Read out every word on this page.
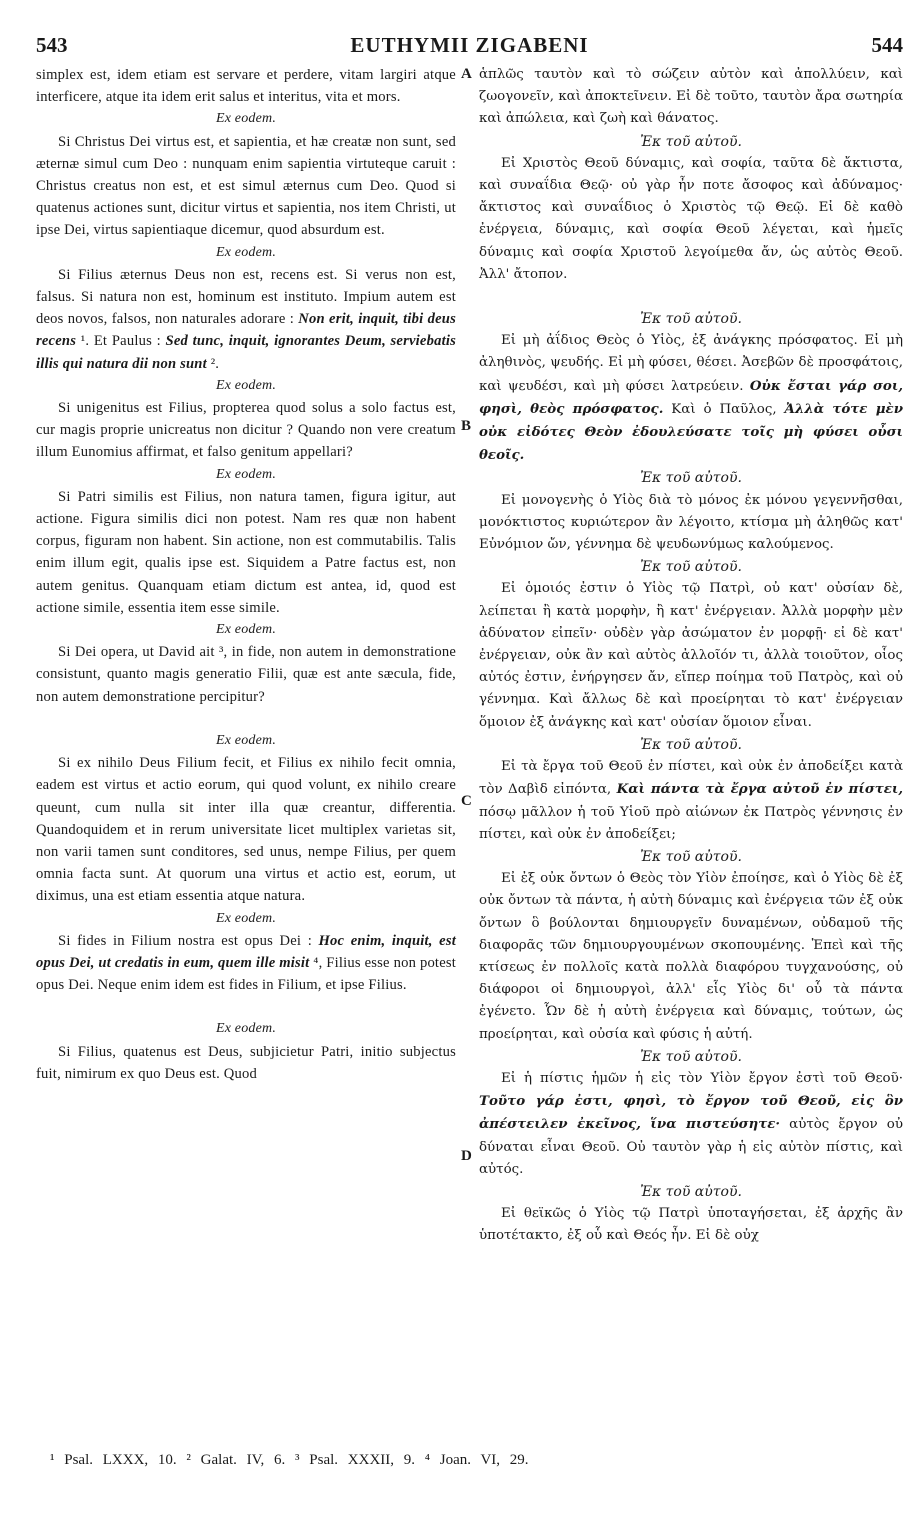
543	EUTHYMII ZIGABENI	544
A
B
C
D

simplex est, idem etiam est servare et perdere, vitam largiri atque interficere, atque ita idem erit salus et interitus, vita et mors.

Ex eodem.

Si Christus Dei virtus est, et sapientia, et hæ creatæ non sunt, sed æternæ simul cum Deo : nunquam enim sapientia virtuteque caruit : Christus creatus non est, et est simul æternus cum Deo. Quod si quatenus actiones sunt, dicitur virtus et sapientia, nos item Christi, ut ipse Dei, virtus sapientiaque dicemur, quod absurdum est.

Ex eodem.

Si Filius æternus Deus non est, recens est. Si verus non est, falsus. Si natura non est, hominum est instituto. Impium autem est deos novos, falsos, non naturales adorare : Non erit, inquit, tibi deus recens ¹. Et Paulus : Sed tunc, inquit, ignorantes Deum, serviebatis illis qui natura dii non sunt ².

Ex eodem.

Si unigenitus est Filius, propterea quod solus a solo factus est, cur magis proprie unicreatus non dicitur ? Quando non vere creatum illum Eunomius affirmat, et falso genitum appellari?

Ex eodem.

Si Patri similis est Filius, non natura tamen, figura igitur, aut actione. Figura similis dici non potest. Nam res quæ non habent corpus, figuram non habent. Sin actione, non est commutabilis. Talis enim illum egit, qualis ipse est. Siquidem a Patre factus est, non autem genitus. Quanquam etiam dictum est antea, id, quod est actione simile, essentia item esse simile.

Ex eodem.

Si Dei opera, ut David ait ³, in fide, non autem in demonstratione consistunt, quanto magis generatio Filii, quæ est ante sæcula, fide, non autem demonstratione percipitur?

Ex eodem.

Si ex nihilo Deus Filium fecit, et Filius ex nihilo fecit omnia, eadem est virtus et actio eorum, qui quod volunt, ex nihilo creare queunt, cum nulla sit inter illa quæ creantur, differentia. Quandoquidem et in rerum universitate licet multiplex varietas sit, non varii tamen sunt conditores, sed unus, nempe Filius, per quem omnia facta sunt. At quorum una virtus et actio est, eorum, ut diximus, una est etiam essentia atque natura.

Ex eodem.

Si fides in Filium nostra est opus Dei : Hoc enim, inquit, est opus Dei, ut credatis in eum, quem ille misit ⁴, Filius esse non potest opus Dei. Neque enim idem est fides in Filium, et ipse Filius.

Ex eodem.

Si Filius, quatenus est Deus, subjicietur Patri, initio subjectus fuit, nimirum ex quo Deus est. Quod

ἁπλῶς ταυτὸν καὶ τὸ σώζειν αὐτὸν καὶ ἀπολλύειν, καὶ ζωογονεῖν, καὶ ἀποκτεῖνειν. Εἰ δὲ τοῦτο, ταυτὸν ἄρα σωτηρία καὶ ἀπώλεια, καὶ ζωὴ καὶ θάνατος.

Ἐκ τοῦ αὐτοῦ.

Εἰ Χριστὸς Θεοῦ δύναμις, καὶ σοφία, ταῦτα δὲ ἄκτιστα, καὶ συναΐδια Θεῷ· οὐ γὰρ ἦν ποτε ἄσοφος καὶ ἀδύναμος· ἄκτιστος καὶ συναΐδιος ὁ Χριστὸς τῷ Θεῷ. Εἰ δὲ καθὸ ἐνέργεια, δύναμις, καὶ σοφία Θεοῦ λέγεται, καὶ ἡμεῖς δύναμις καὶ σοφία Χριστοῦ λεγοίμεθα ἄν, ὡς αὐτὸς Θεοῦ. Ἀλλ' ἄτοπον.

Ἐκ τοῦ αὐτοῦ.

Εἰ μὴ ἀΐδιος Θεὸς ὁ Υἱὸς, ἐξ ἀνάγκης πρόσφατος. Εἰ μὴ ἀληθινὸς, ψευδής. Εἰ μὴ φύσει, θέσει. Ἀσεβῶν δὲ προσφάτοις, καὶ ψευδέσι, καὶ μὴ φύσει λατρεύειν. Οὐκ ἔσται γάρ σοι, φησὶ, θεὸς πρόσφατος. Καὶ ὁ Παῦλος, Ἀλλὰ τότε μὲν οὐκ εἰδότες Θεὸν ἐδουλεύσατε τοῖς μὴ φύσει οὖσι θεοῖς.

Ἐκ τοῦ αὐτοῦ.

Εἰ μονογενὴς ὁ Υἱὸς διὰ τὸ μόνος ἐκ μόνου γεγεννῆσθαι, μονόκτιστος κυριώτερον ἂν λέγοιτο, κτίσμα μὴ ἀληθῶς κατ' Εὐνόμιον ὤν, γέννημα δὲ ψευδωνύμως καλούμενος.

Ἐκ τοῦ αὐτοῦ.

Εἰ ὁμοιός ἐστιν ὁ Υἱὸς τῷ Πατρὶ, οὐ κατ' οὐσίαν δὲ, λείπεται ἢ κατὰ μορφὴν, ἢ κατ' ἐνέργειαν. Ἀλλὰ μορφὴν μὲν ἀδύνατον εἰπεῖν· οὐδὲν γὰρ ἀσώματον ἐν μορφῇ· εἰ δὲ κατ' ἐνέργειαν, οὐκ ἂν καὶ αὐτὸς ἀλλοῖόν τι, ἀλλὰ τοιοῦτον, οἷος αὐτός ἐστιν, ἐνήργησεν ἄν, εἴπερ ποίημα τοῦ Πατρὸς, καὶ οὐ γέννημα. Καὶ ἄλλως δὲ καὶ προείρηται τὸ κατ' ἐνέργειαν ὅμοιον ἐξ ἀνάγκης καὶ κατ' οὐσίαν ὅμοιον εἶναι.

Ἐκ τοῦ αὐτοῦ.

Εἰ τὰ ἔργα τοῦ Θεοῦ ἐν πίστει, καὶ οὐκ ἐν ἀποδείξει κατὰ τὸν Δαβὶδ εἰπόντα, Καὶ πάντα τὰ ἔργα αὐτοῦ ἐν πίστει, πόσῳ μᾶλλον ἡ τοῦ Υἱοῦ πρὸ αἰώνων ἐκ Πατρὸς γέννησις ἐν πίστει, καὶ οὐκ ἐν ἀποδείξει;

Ἐκ τοῦ αὐτοῦ.

Εἰ ἐξ οὐκ ὄντων ὁ Θεὸς τὸν Υἱὸν ἐποίησε, καὶ ὁ Υἱὸς δὲ ἐξ οὐκ ὄντων τὰ πάντα, ἡ αὐτὴ δύναμις καὶ ἐνέργεια τῶν ἐξ οὐκ ὄντων ὃ βούλονται δημιουργεῖν δυναμένων, οὐδαμοῦ τῆς διαφορᾶς τῶν δημιουργουμένων σκοπουμένης. Ἐπεὶ καὶ τῆς κτίσεως ἐν πολλοῖς κατὰ πολλὰ διαφόρου τυγχανούσης, οὐ διάφοροι οἱ δημιουργοὶ, ἀλλ' εἷς Υἱὸς δι' οὗ τὰ πάντα ἐγένετο. Ὧν δὲ ἡ αὐτὴ ἐνέργεια καὶ δύναμις, τούτων, ὡς προείρηται, καὶ οὐσία καὶ φύσις ἡ αὐτή.

Ἐκ τοῦ αὐτοῦ.

Εἰ ἡ πίστις ἡμῶν ἡ εἰς τὸν Υἱὸν ἔργον ἐστὶ τοῦ Θεοῦ· Τοῦτο γάρ ἐστι, φησὶ, τὸ ἔργον τοῦ Θεοῦ, εἰς ὃν ἀπέστειλεν ἐκεῖνος, ἵνα πιστεύσητε· αὐτὸς ἔργον οὐ δύναται εἶναι Θεοῦ. Οὐ ταυτὸν γὰρ ἡ εἰς αὐτὸν πίστις, καὶ αὐτός.

Ἐκ τοῦ αὐτοῦ.

Εἰ θεϊκῶς ὁ Υἱὸς τῷ Πατρὶ ὑποταγήσεται, ἐξ ἀρχῆς ἂν ὑποτέτακτο, ἐξ οὗ καὶ Θεός ἦν. Εἰ δὲ οὐχ

¹ Psal. LXXX, 10. ² Galat. IV, 6. ³ Psal. XXXII, 9. ⁴ Joan. VI, 29.
